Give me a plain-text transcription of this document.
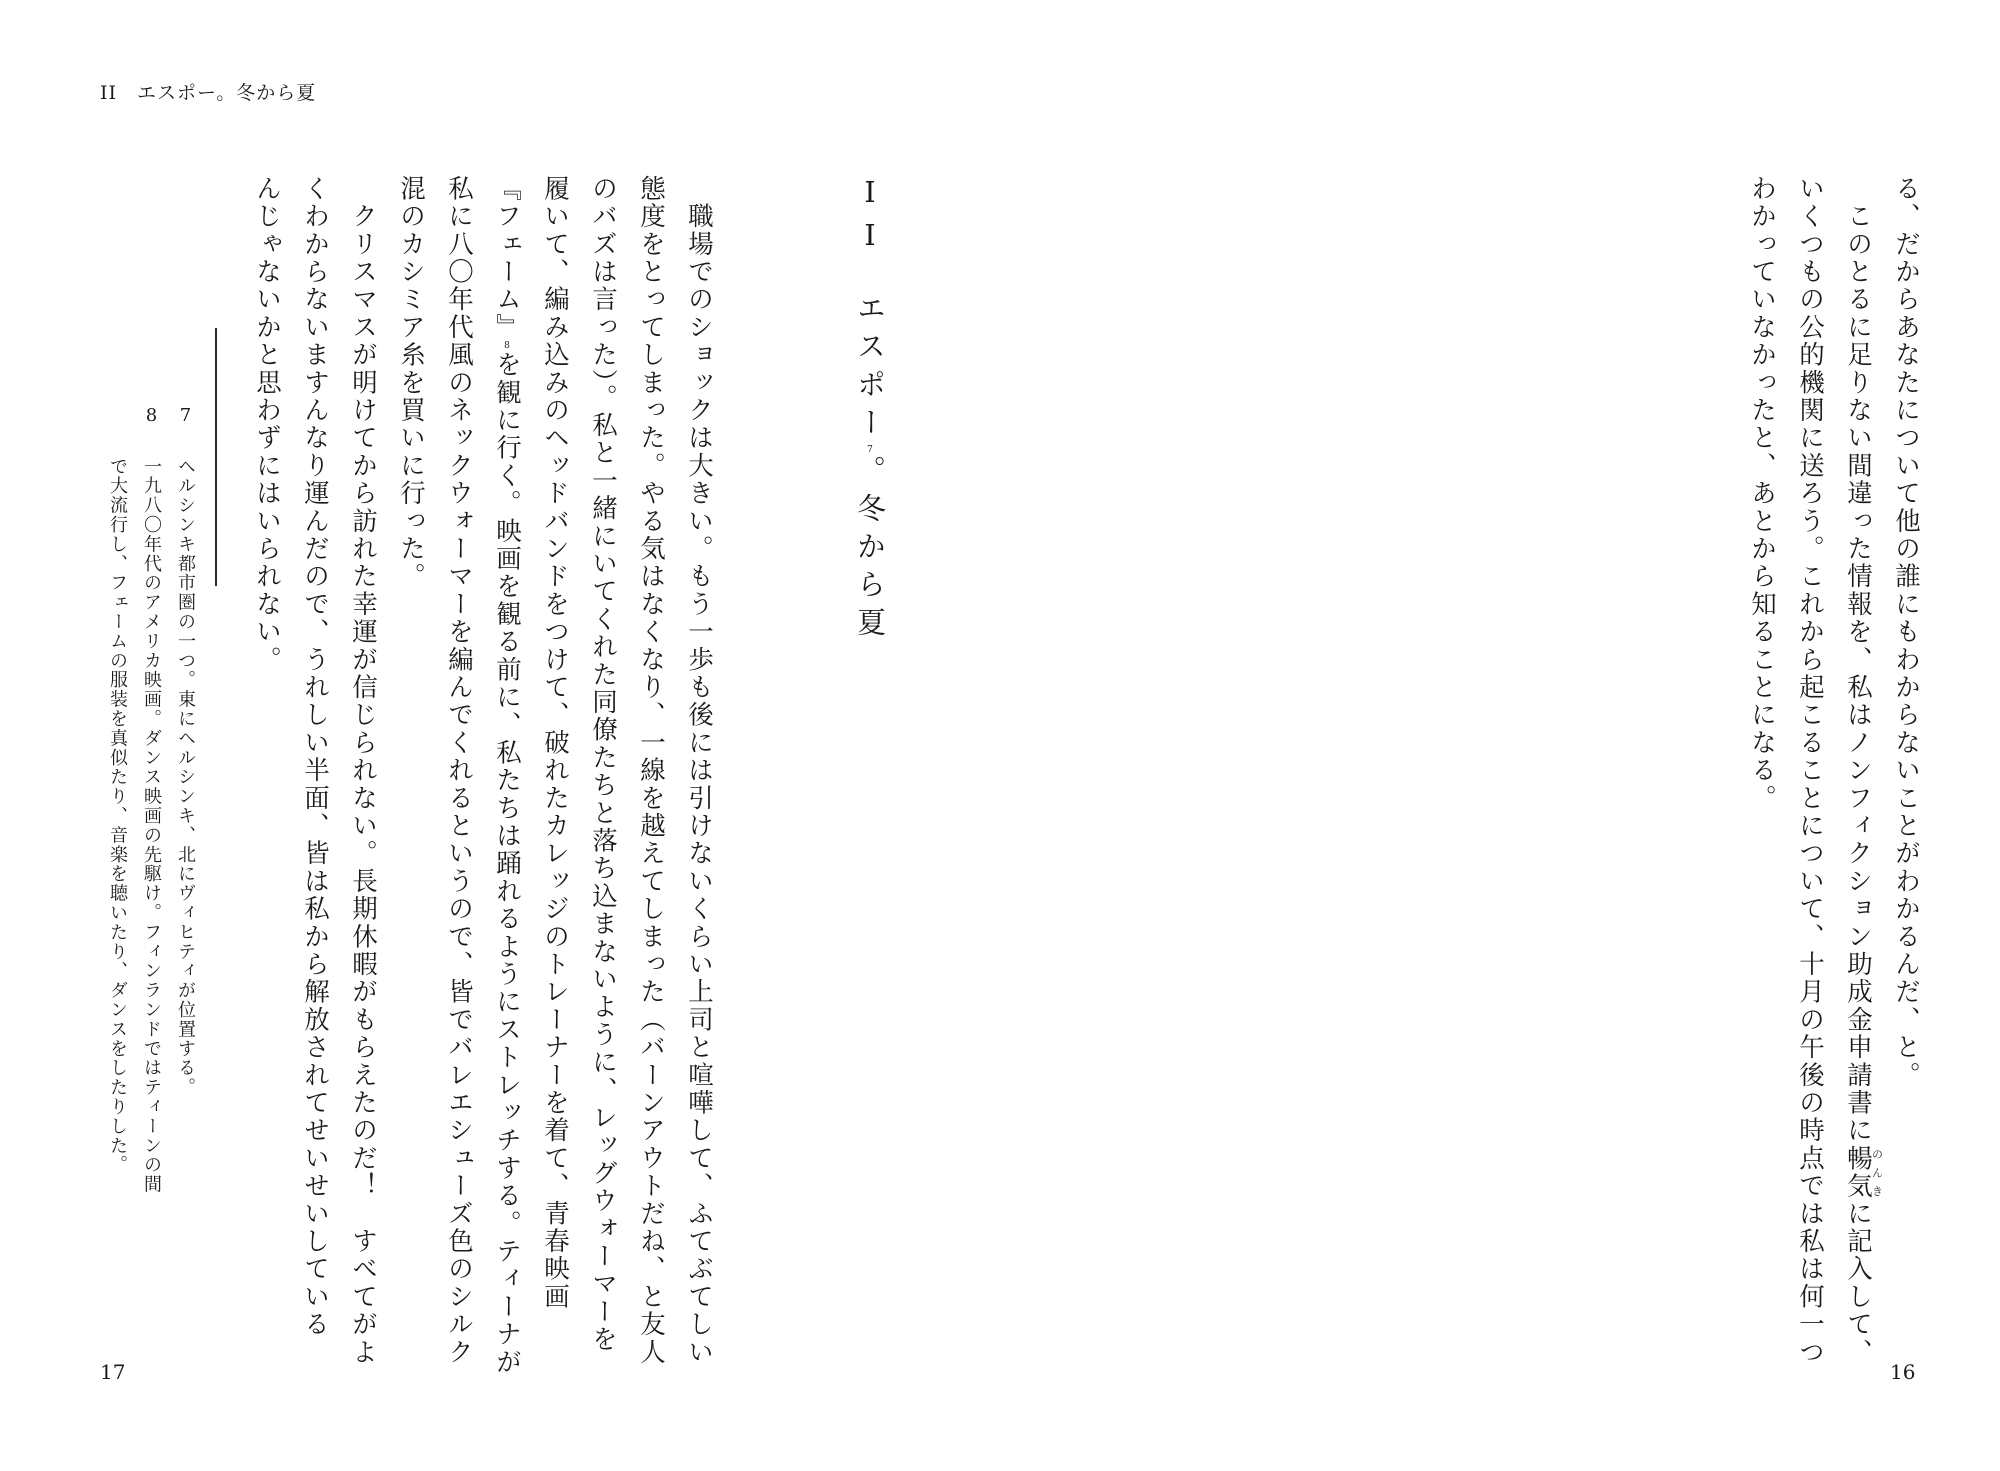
II エスポー。冬から夏
17	16
る、だからあなたについて他の誰にもわからないことがわかるんだ、と。
　このとるに足りない間違った情報を、私はノンフィクション助成金申請書に暢気のんきに記入して、
いくつもの公的機関に送ろう。これから起こることについて、十月の午後の時点では私は何一つ
わかっていなかったと、あとから知ることになる。
IIエスポー7。冬から夏
　職場でのショックは大きい。もう一歩も後には引けないくらい上司と喧嘩して、ふてぶてしい
態度をとってしまった。やる気はなくなり、一線を越えてしまった（バーンアウトだね、と友人
のバズは言った）。私と一緒にいてくれた同僚たちと落ち込まないように、レッグウォーマーを
履いて、編み込みのヘッドバンドをつけて、破れたカレッジのトレーナーを着て、青春映画
『フェーム』8を観に行く。映画を観る前に、私たちは踊れるようにストレッチする。ティーナが
私に八〇年代風のネックウォーマーを編んでくれるというので、皆でバレエシューズ色のシルク
混のカシミア糸を買いに行った。
　クリスマスが明けてから訪れた幸運が信じられない。長期休暇がもらえたのだ！　すべてがよ
くわからないますんなり運んだので、うれしい半面、皆は私から解放されてせいせいしている
んじゃないかと思わずにはいられない。
7
ヘルシンキ都市圏の一つ。東にヘルシンキ、北にヴィヒティが位置する。
8
一九八〇年代のアメリカ映画。ダンス映画の先駆け。フィンランドではティーンの間
で大流行し、フェームの服装を真似たり、音楽を聴いたり、ダンスをしたりした。
